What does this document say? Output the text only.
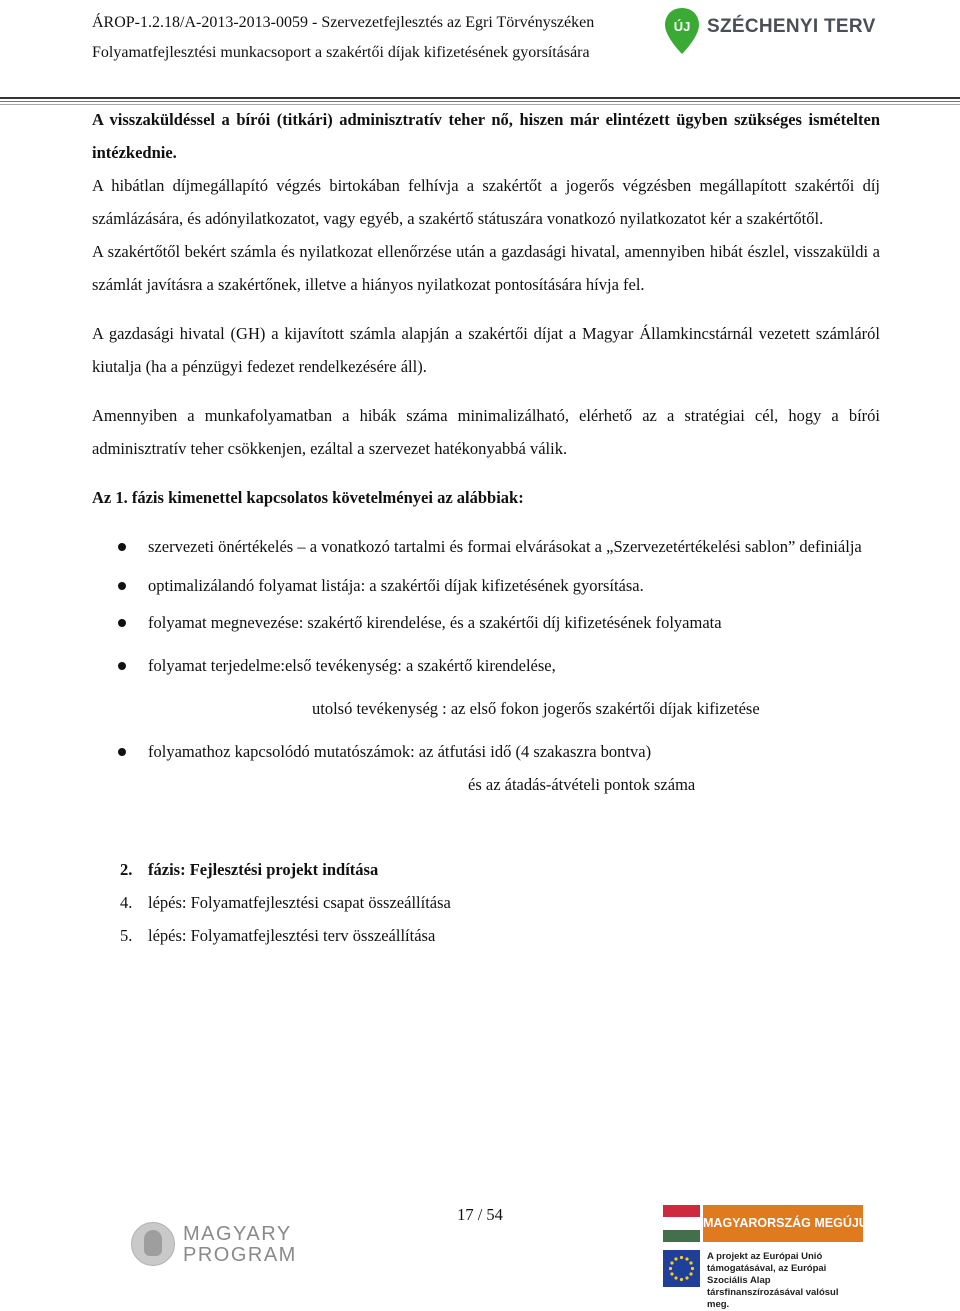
ÁROP-1.2.18/A-2013-2013-0059 - Szervezetfejlesztés az Egri Törvényszéken
Folyamatfejlesztési munkacsoport a szakértői díjak kifizetésének gyorsítására
ÚJ SZÉCHENYI TERV

A visszaküldéssel a bírói (titkári) adminisztratív teher nő, hiszen már elintézett ügyben szükséges ismételten intézkednie.

A hibátlan díjmegállapító végzés birtokában felhívja a szakértőt a jogerős végzésben megállapított szakértői díj számlázására, és adónyilatkozatot, vagy egyéb, a szakértő státuszára vonatkozó nyilatkozatot kér a szakértőtől.

A szakértőtől bekért számla és nyilatkozat ellenőrzése után a gazdasági hivatal, amennyiben hibát észlel, visszaküldi a számlát javításra a szakértőnek, illetve a hiányos nyilatkozat pontosítására hívja fel.

A gazdasági hivatal (GH) a kijavított számla alapján a szakértői díjat a Magyar Államkincstárnál vezetett számláról kiutalja (ha a pénzügyi fedezet rendelkezésére áll).

Amennyiben a munkafolyamatban a hibák száma minimalizálható, elérhető az a stratégiai cél, hogy a bírói adminisztratív teher csökkenjen, ezáltal a szervezet hatékonyabbá válik.

Az 1. fázis kimenettel kapcsolatos követelményei az alábbiak:

szervezeti önértékelés – a vonatkozó tartalmi és formai elvárásokat a „Szervezetértékelési sablon” definiálja
optimalizálandó folyamat listája: a szakértői díjak kifizetésének gyorsítása.
folyamat megnevezése: szakértő kirendelése, és a szakértői díj kifizetésének folyamata
folyamat terjedelme:első tevékenység: a szakértő kirendelése,
utolsó tevékenység : az első fokon jogerős szakértői díjak kifizetése
folyamathoz kapcsolódó mutatószámok: az átfutási idő (4 szakaszra bontva)
és az átadás-átvételi pontok száma
2. fázis: Fejlesztési projekt indítása
4. lépés: Folyamatfejlesztési csapat összeállítása
5. lépés: Folyamatfejlesztési terv összeállítása
17 / 54
MAGYARY
PROGRAM
MAGYARORSZÁG MEGÚJUL
A projekt az Európai Unió támogatásával, az Európai Szociális Alap társfinanszírozásával valósul meg.
